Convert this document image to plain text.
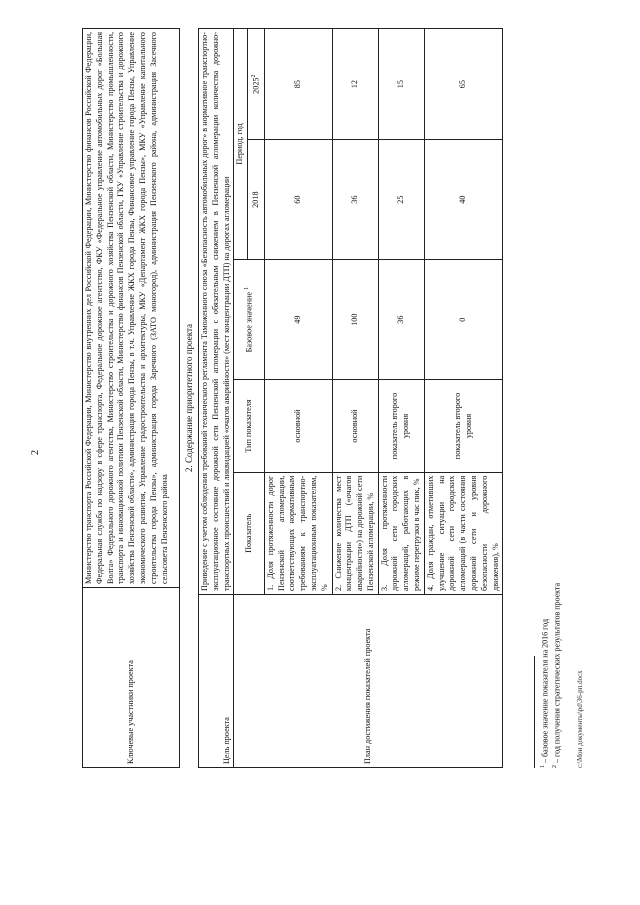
2
Ключевые участники проекта	Министерство транспорта Российской Федерации, Министерство внутренних дел Российской Федерации, Министерство финансов Российской Федерации, Федеральная служба по надзору в сфере транспорта, Федеральное дорожное агентство, ФКУ «Федеральное управление автомобильных дорог «Большая Волга» Федерального дорожного агентства, Министерство строительства и дорожного хозяйства Пензенской области, Министерство промышленности, транспорта и инновационной политики Пензенской области, Министерство финансов Пензенской области, ГКУ «Управление строительства и дорожного хозяйства Пензенской области», администрация города Пензы, в т.ч. Управление ЖКХ города Пензы, Финансовое управление города Пензы, Управление экономического развития, Управление градостроительства и архитектуры, МКУ «Департамент ЖКХ города Пензы», МКУ «Управление капитального строительства города Пензы», администрация города Заречного (ЗАТО моногород), администрация Пензенского района, администрация Засечного сельсовета Пензенского района
2. Содержание приоритетного проекта
Цель проекта	Приведение с учетом соблюдения требований технического регламента Таможенного союза «Безопасность автомобильных дорог» в нормативное транспортно-эксплуатационное состояние дорожной сети Пензенской агломерации с обязательным снижением в Пензенской агломерации количества дорожно-транспортных происшествий и ликвидацией «очагов аварийности» (мест концентрации ДТП) на дорогах агломерации				
План достижения показателей проекта	Показатель	Тип показателя	Базовое значение $^1$	Период, год	
				2018	2025$^2$
	1. Доля протяженности дорог Пензенской агломерации, соответствующих нормативным требованиям к транспортно-эксплуатационным показателям, %	основной	49	60	85
	2. Снижение количества мест концентрации ДТП («очагов аварийности») на дорожной сети Пензенской агломерации, %	основной	100	36	12
	3. Доля протяженности дорожной сети городских агломераций, работающих в режиме перегрузки в час пик, %	показатель второго уровня	36	25	15
	4. Доля граждан, отметивших улучшение ситуации на дорожной сети городских агломераций (в части состояния дорожной сети и уровня безопасности дорожного движения), %	показатель второго уровня	0	40	65
$^1$ – базовое значение показателя на 2016 год
$^2$ – год получения стратегических результатов проекта c:\Мои документы\pd\36-рп.docx
